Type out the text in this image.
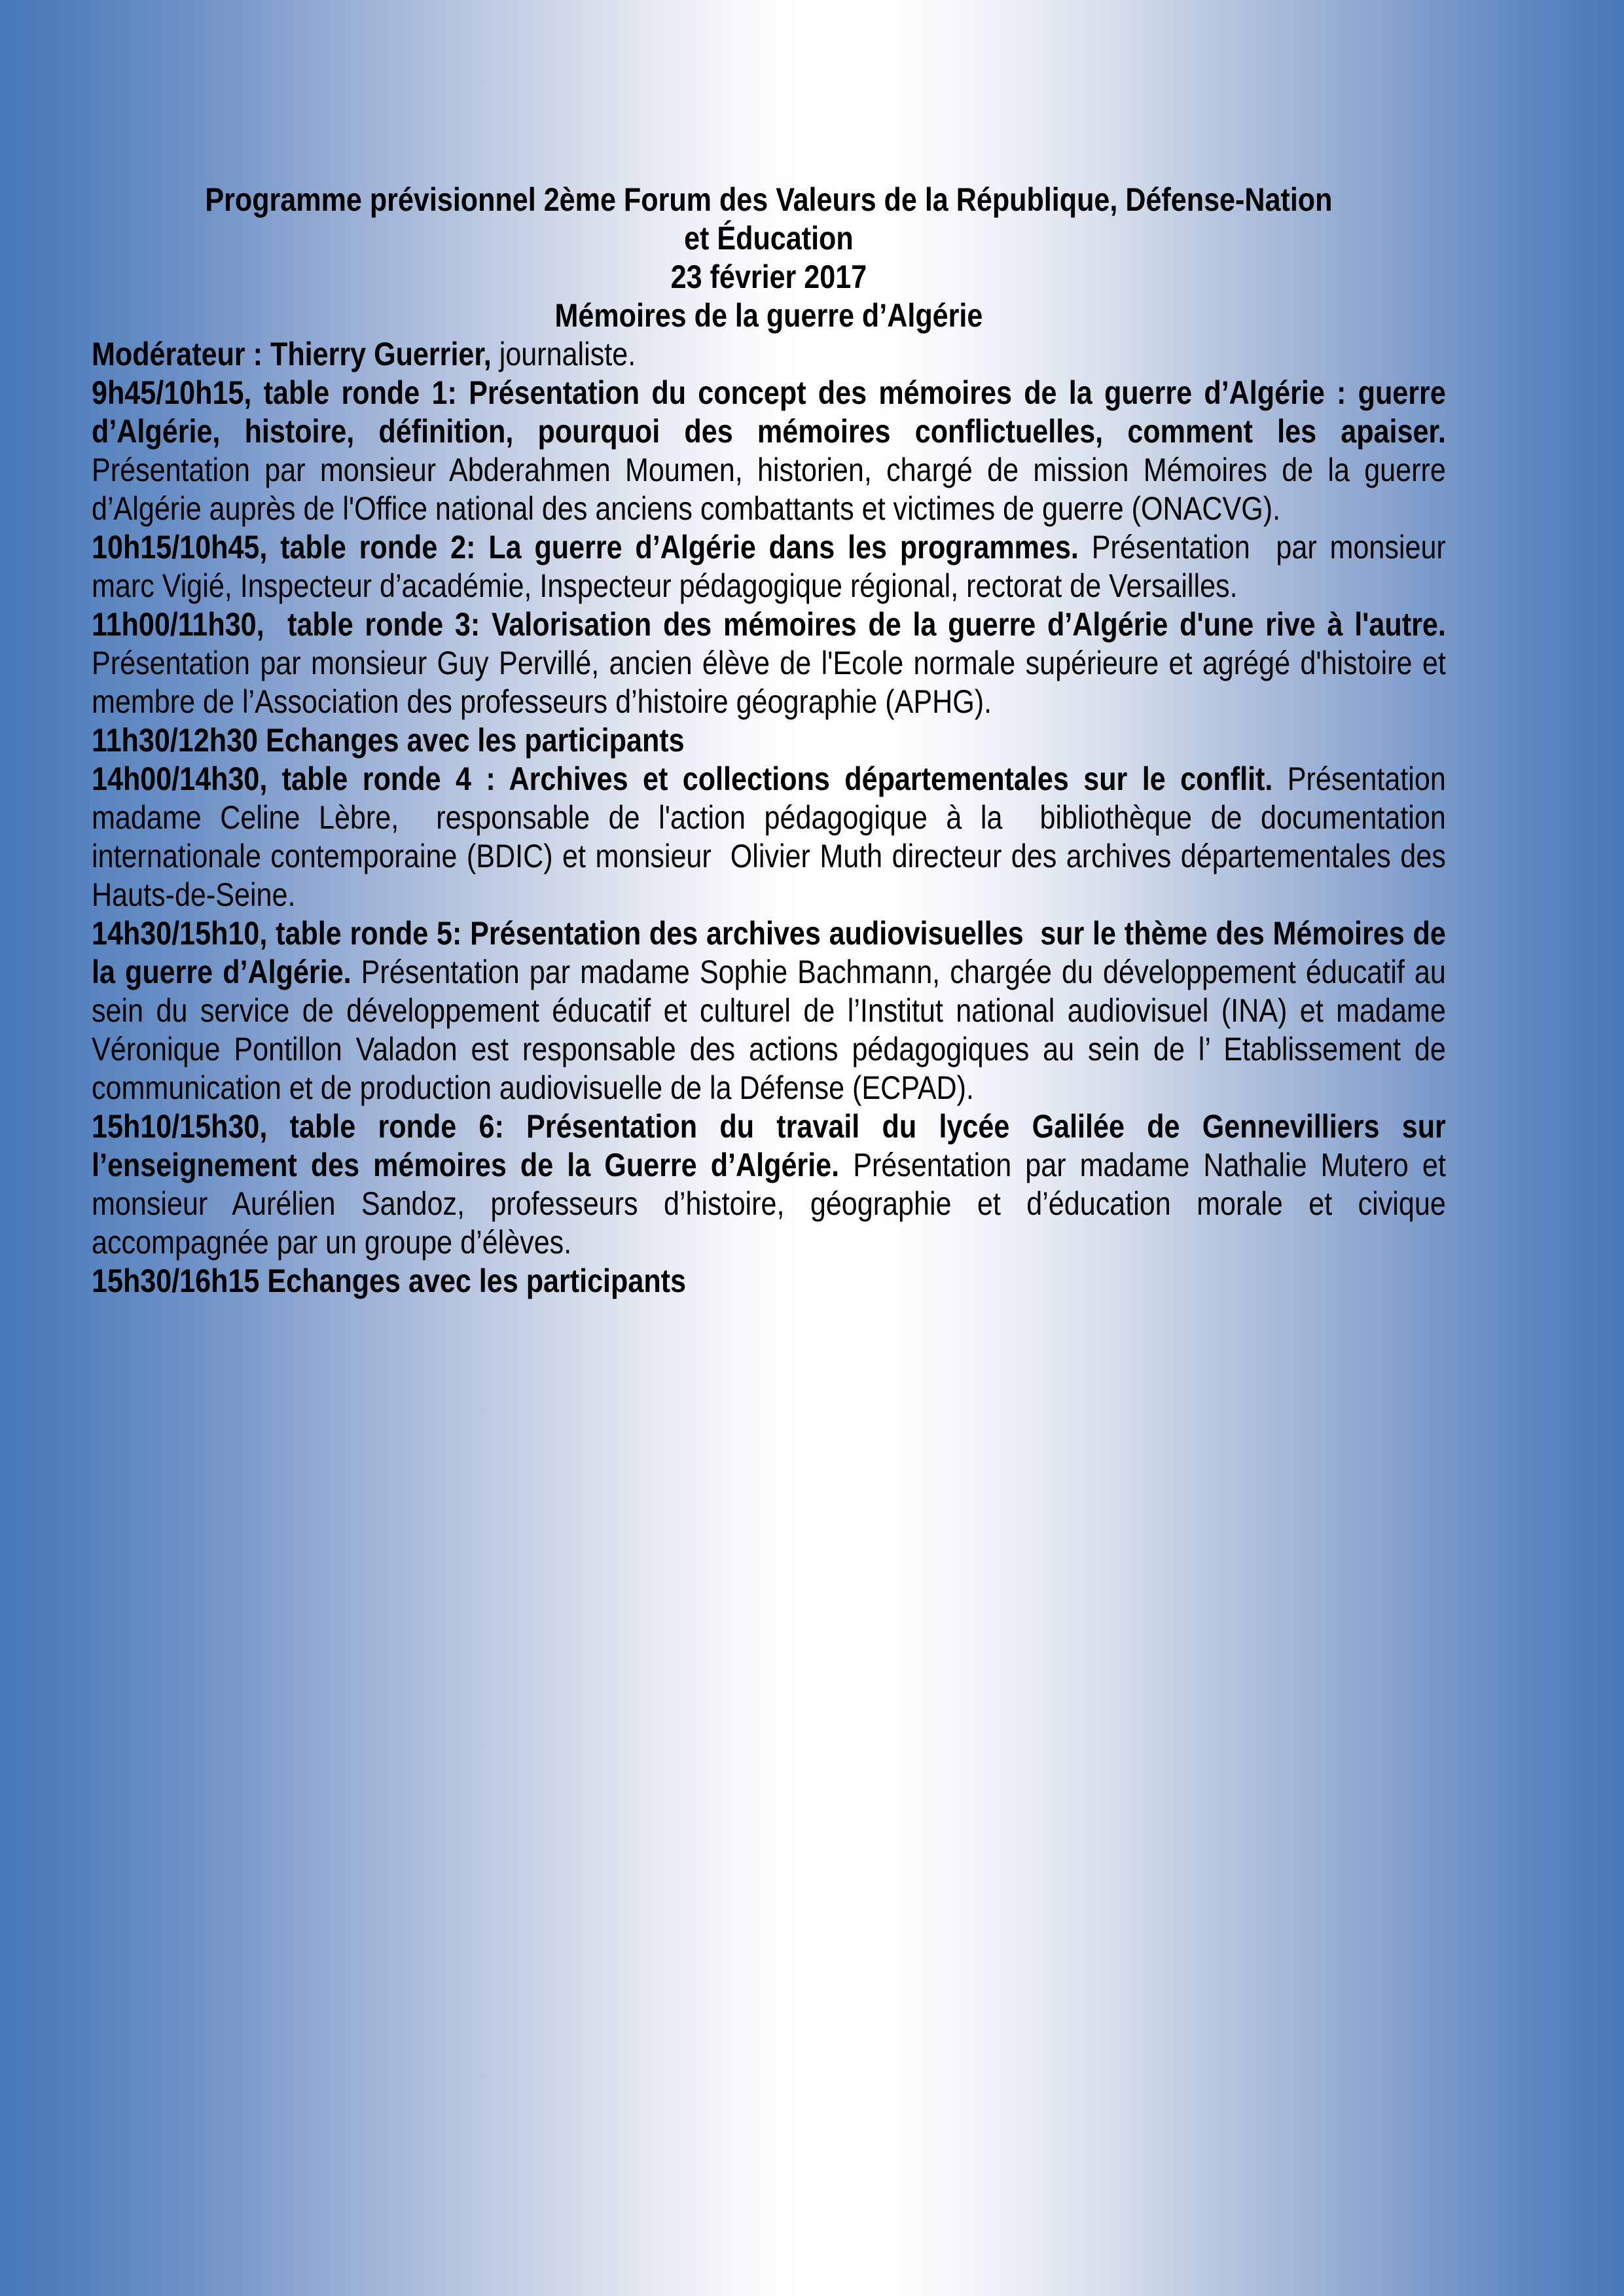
Programme prévisionnel 2ème Forum des Valeurs de la République, Défense-Nation
et Éducation

23 février 2017

Mémoires de la guerre d’Algérie

Modérateur : Thierry Guerrier, journaliste.

9h45/10h15, table ronde 1: Présentation du concept des mémoires de la guerre d’Algérie : guerre d’Algérie, histoire, définition, pourquoi des mémoires conflictuelles, comment les apaiser. Présentation par monsieur Abderahmen Moumen, historien, chargé de mission Mémoires de la guerre d’Algérie auprès de l'Office national des anciens combattants et victimes de guerre (ONACVG).

10h15/10h45, table ronde 2: La guerre d’Algérie dans les programmes. Présentation  par monsieur marc Vigié, Inspecteur d’académie, Inspecteur pédagogique régional, rectorat de Versailles.

11h00/11h30,  table ronde 3: Valorisation des mémoires de la guerre d’Algérie d'une rive à l'autre. Présentation par monsieur Guy Pervillé, ancien élève de l'Ecole normale supérieure et agrégé d'histoire et membre de l’Association des professeurs d’histoire géographie (APHG).

11h30/12h30 Echanges avec les participants

14h00/14h30, table ronde 4 : Archives et collections départementales sur le conflit. Présentation madame Celine Lèbre,  responsable de l'action pédagogique à la  bibliothèque de documentation internationale contemporaine (BDIC) et monsieur  Olivier Muth directeur des archives départementales des Hauts-de-Seine.

14h30/15h10, table ronde 5: Présentation des archives audiovisuelles  sur le thème des Mémoires de la guerre d’Algérie. Présentation par madame Sophie Bachmann, chargée du développement éducatif au sein du service de développement éducatif et culturel de l’Institut national audiovisuel (INA) et madame Véronique Pontillon Valadon est responsable des actions pédagogiques au sein de l’ Etablissement de communication et de production audiovisuelle de la Défense (ECPAD).

15h10/15h30, table ronde 6: Présentation du travail du lycée Galilée de Gennevilliers sur l’enseignement des mémoires de la Guerre d’Algérie. Présentation par madame Nathalie Mutero et monsieur Aurélien Sandoz, professeurs d’histoire, géographie et d’éducation morale et civique accompagnée par un groupe d’élèves.

15h30/16h15 Echanges avec les participants
